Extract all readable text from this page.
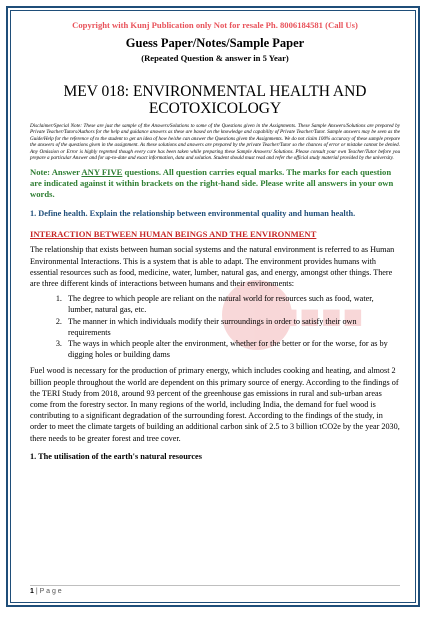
■■■■
Copyright with Kunj Publication only Not for resale Ph. 8006184581 (Call Us)
Guess Paper/Notes/Sample Paper
(Repeated Question & answer in 5 Year)
MEV 018: ENVIRONMENTAL HEALTH AND ECOTOXICOLOGY
Disclaimer/Special Note: These are just the sample of the Answers/Solutions to some of the Questions given in the Assignments. These Sample Answers/Solutions are prepared by Private Teacher/Tutors/Authors for the help and guidance answers as these are based on the knowledge and capability of Private Teacher/Tutor. Sample answers may be seen as the Guide/Help for the reference of to the student to get an idea of how he/she can answer the Questions given the Assignments. We do not claim 100% accuracy of these sample prepare the answers of the questions given in the assignment. As these solutions and answers are prepared by the private Teacher/Tutor so the chances of error or mistake cannot be denied. Any Omission or Error is highly regretted though every care has been taken while preparing these Sample Answers/ Solutions. Please consult your own Teacher/Tutor before you prepare a particular Answer and for up-to-date and exact information, data and solution. Student should must read and refer the official study material provided by the university.
Note: Answer ANY FIVE questions. All question carries equal marks. The marks for each question are indicated against it within brackets on the right-hand side. Please write all answers in your own words.
1. Define health. Explain the relationship between environmental quality and human health.
INTERACTION BETWEEN HUMAN BEINGS AND THE ENVIRONMENT
The relationship that exists between human social systems and the natural environment is referred to as Human Environmental Interactions. This is a system that is able to adapt. The environment provides humans with essential resources such as food, medicine, water, lumber, natural gas, and energy, amongst other things. There are three different kinds of interactions between humans and their environments:
1. The degree to which people are reliant on the natural world for resources such as food, water, lumber, natural gas, etc.
2. The manner in which individuals modify their surroundings in order to satisfy their own requirements
3. The ways in which people alter the environment, whether for the better or for the worse, for as by digging holes or building dams
Fuel wood is necessary for the production of primary energy, which includes cooking and heating, and almost 2 billion people throughout the world are dependent on this primary source of energy. According to the findings of the TERI Study from 2018, around 93 percent of the greenhouse gas emissions in rural and sub-urban areas come from the forestry sector. In many regions of the world, including India, the demand for fuel wood is contributing to a significant degradation of the surrounding forest. According to the findings of the study, in order to meet the climate targets of building an additional carbon sink of 2.5 to 3 billion tCO2e by the year 2030, there needs to be greater forest and tree cover.
1. The utilisation of the earth's natural resources
1 | P a g e
